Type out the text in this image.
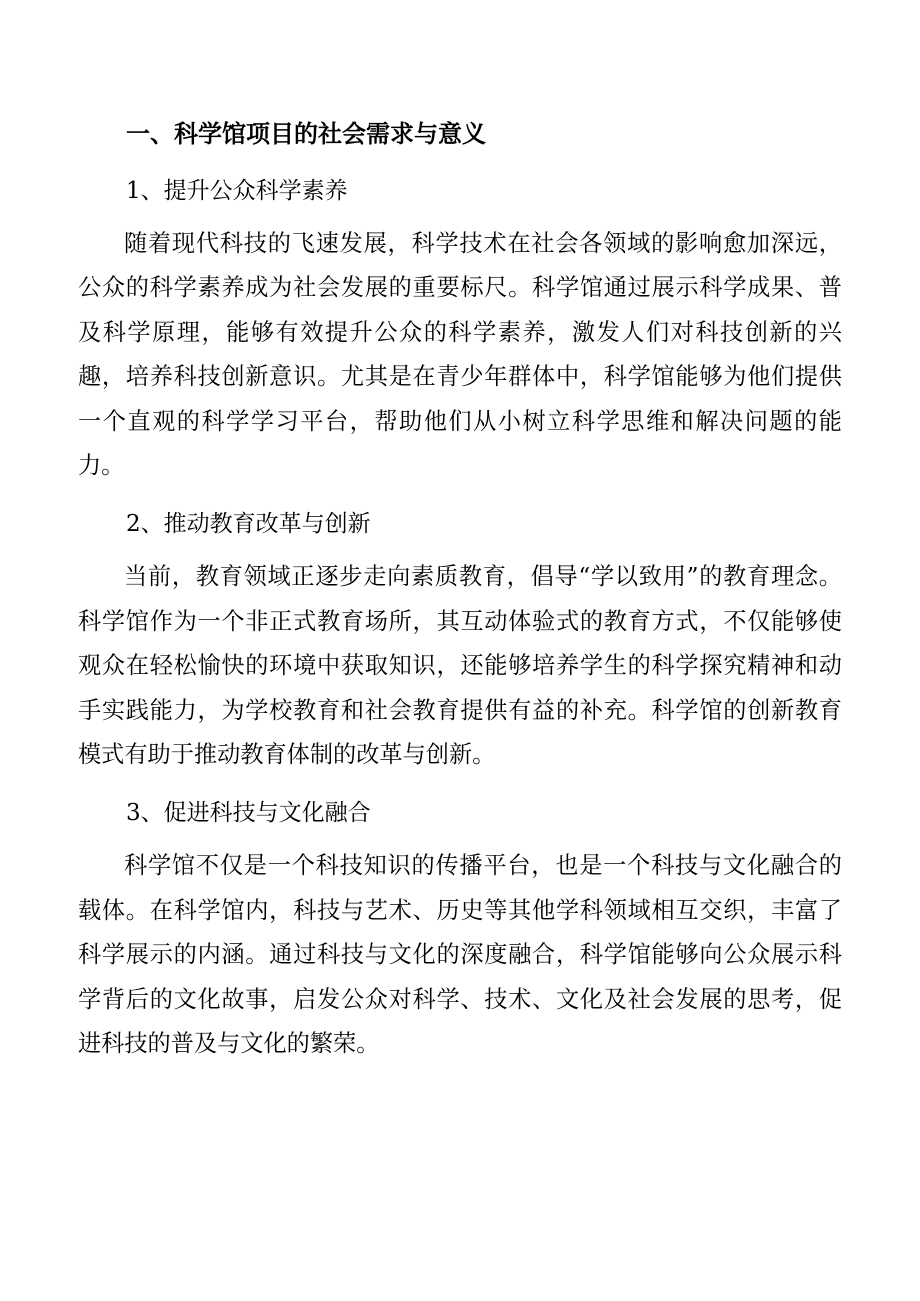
一、科学馆项目的社会需求与意义
1、提升公众科学素养

随着现代科技的飞速发展，科学技术在社会各领域的影响愈加深远，公众的科学素养成为社会发展的重要标尺。科学馆通过展示科学成果、普及科学原理，能够有效提升公众的科学素养，激发人们对科技创新的兴趣，培养科技创新意识。尤其是在青少年群体中，科学馆能够为他们提供一个直观的科学学习平台，帮助他们从小树立科学思维和解决问题的能力。

2、推动教育改革与创新

当前，教育领域正逐步走向素质教育，倡导“学以致用”的教育理念。科学馆作为一个非正式教育场所，其互动体验式的教育方式，不仅能够使观众在轻松愉快的环境中获取知识，还能够培养学生的科学探究精神和动手实践能力，为学校教育和社会教育提供有益的补充。科学馆的创新教育模式有助于推动教育体制的改革与创新。

3、促进科技与文化融合

科学馆不仅是一个科技知识的传播平台，也是一个科技与文化融合的载体。在科学馆内，科技与艺术、历史等其他学科领域相互交织，丰富了科学展示的内涵。通过科技与文化的深度融合，科学馆能够向公众展示科学背后的文化故事，启发公众对科学、技术、文化及社会发展的思考，促进科技的普及与文化的繁荣。
